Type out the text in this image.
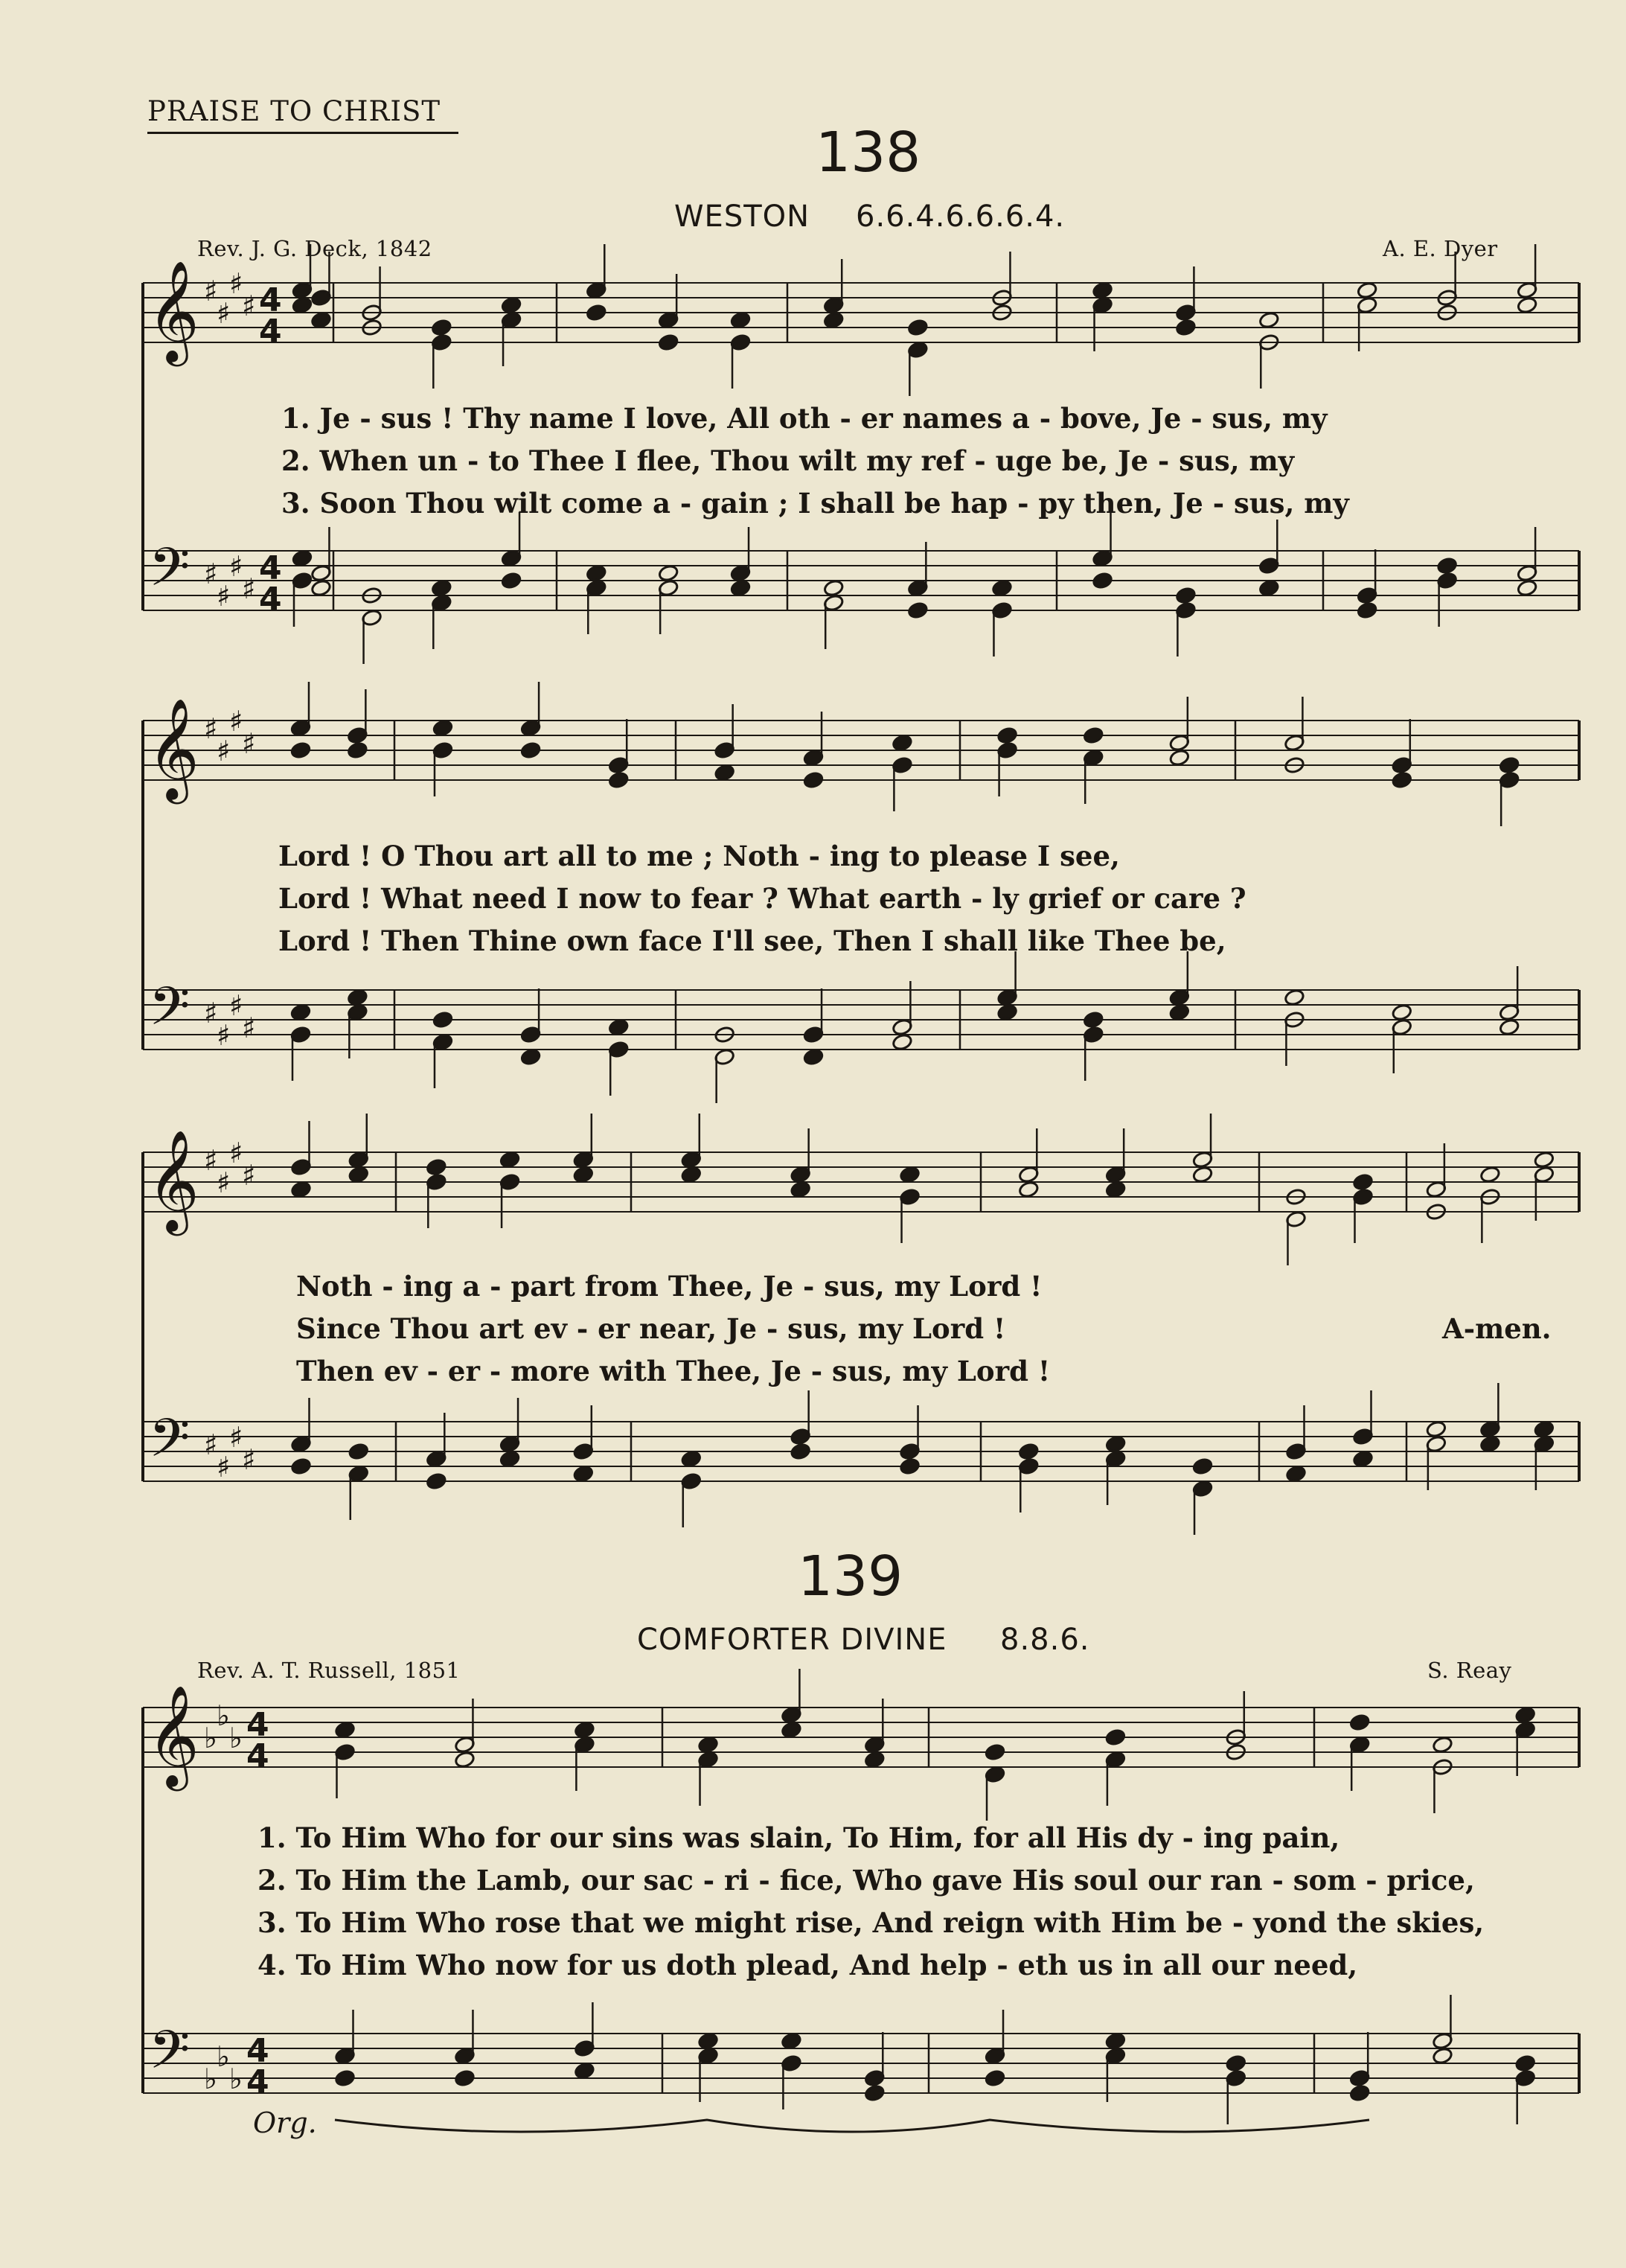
PRAISE TO CHRIST
138
WESTON 6.6.4.6.6.6.4.
Rev. J. G. Deck, 1842	A. E. Dyer
139
COMFORTER DIVINE 8.8.6.
Rev. A. T. Russell, 1851	S. Reay
1. Je - sus ! Thy name I love, All oth - er names a - bove, Je - sus, my
2. When un - to Thee I flee, Thou wilt my ref - uge be, Je - sus, my
3. Soon Thou wilt come a - gain ; I shall be hap - py then, Je - sus, my
Lord ! O Thou art all to me ; Noth - ing to please I see,
Lord ! What need I now to fear ? What earth - ly grief or care ?
Lord ! Then Thine own face I'll see, Then I shall like Thee be,
Noth - ing a - part from Thee, Je - sus, my Lord !
Since Thou art ev - er near, Je - sus, my Lord !
Then ev - er - more with Thee, Je - sus, my Lord !
A-men.
1. To Him Who for our sins was slain, To Him, for all His dy - ing pain,
2. To Him the Lamb, our sac - ri - fice, Who gave His soul our ran - som - price,
3. To Him Who rose that we might rise, And reign with Him be - yond the skies,
4. To Him Who now for us doth plead, And help - eth us in all our need,
Org.
𝄞
𝄢
♯
♯
♯
♯
♯
♯
♯
♯
4
4
4
4
𝄞
𝄢
♯
♯
♯
♯
♯
♯
♯
♯
𝄞
𝄢
♯
♯
♯
♯
♯
♯
♯
♯
𝄞
𝄢
♭
♭
♭
♭
♭
♭
4
4
4
4
